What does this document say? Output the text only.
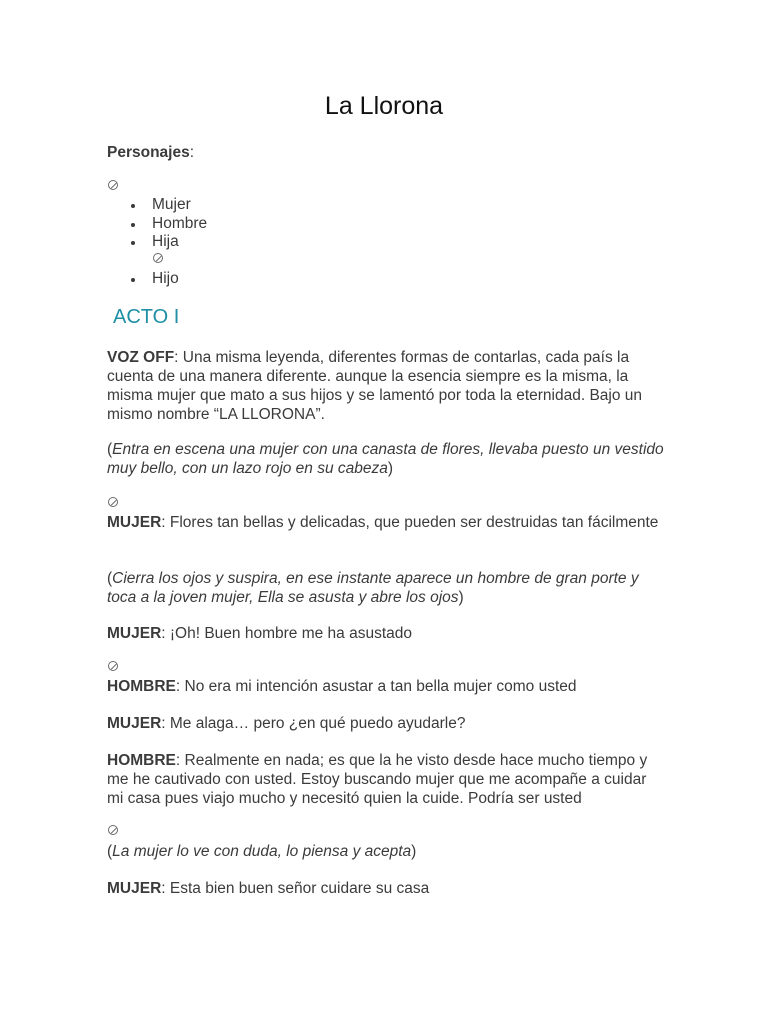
La Llorona

Personajes:

Mujer
Hombre
Hija
Hijo
ACTO I

VOZ OFF: Una misma leyenda, diferentes formas de contarlas, cada país la cuenta de una manera diferente. aunque la esencia siempre es la misma, la misma mujer que mato a sus hijos y se lamentó por toda la eternidad. Bajo un mismo nombre “LA LLORONA”.

(Entra en escena una mujer con una canasta de flores, llevaba puesto un vestido muy bello, con un lazo rojo en su cabeza)

MUJER: Flores tan bellas y delicadas, que pueden ser destruidas tan fácilmente

(Cierra los ojos y suspira, en ese instante aparece un hombre de gran porte y toca a la joven mujer, Ella se asusta y abre los ojos)

MUJER: ¡Oh! Buen hombre me ha asustado

HOMBRE: No era mi intención asustar a tan bella mujer como usted

MUJER: Me alaga… pero ¿en qué puedo ayudarle?

HOMBRE: Realmente en nada; es que la he visto desde hace mucho tiempo y me he cautivado con usted. Estoy buscando mujer que me acompañe a cuidar mi casa pues viajo mucho y necesitó quien la cuide. Podría ser usted

(La mujer lo ve con duda, lo piensa y acepta)

MUJER: Esta bien buen señor cuidare su casa
